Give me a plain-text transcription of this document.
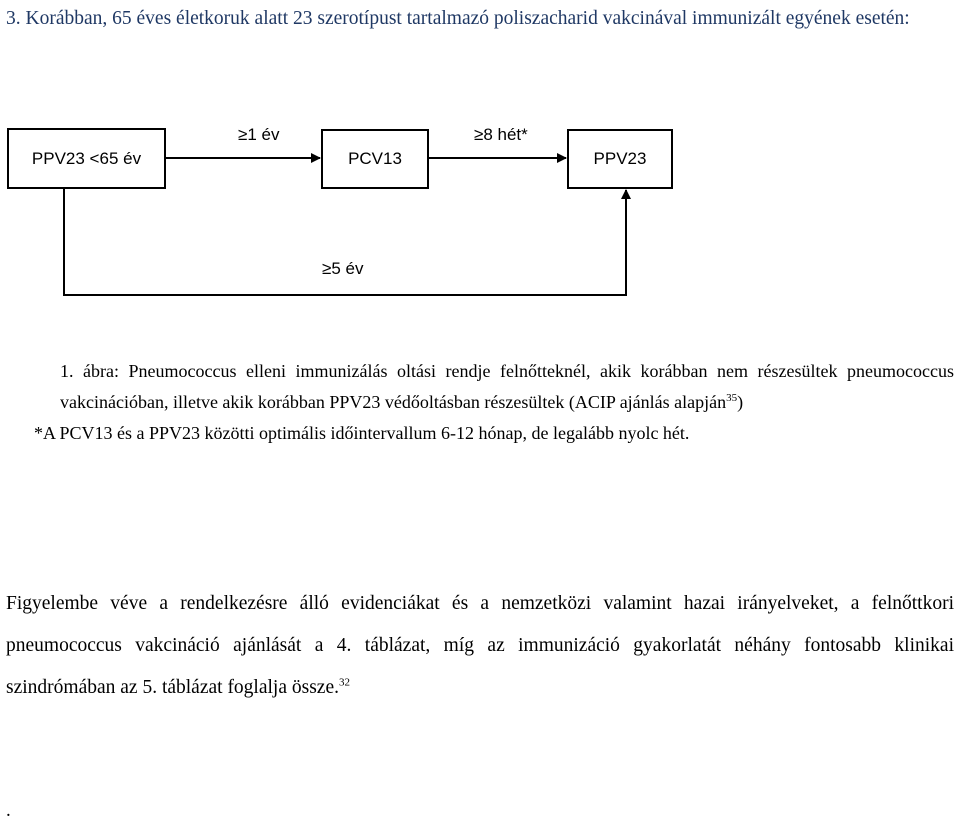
3. Korábban, 65 éves életkoruk alatt 23 szerotípust tartalmazó poliszacharid vakcinával immunizált egyének esetén:
PPV23 <65 év	PCV13	PPV23
≥1 év	≥8 hét*
≥5 év

1. ábra: Pneumococcus elleni immunizálás oltási rendje felnőtteknél, akik korábban nem részesültek pneumococcus vakcinációban, illetve akik korábban PPV23 védőoltásban részesültek (ACIP ajánlás alapján$^{35}$)

*A PCV13 és a PPV23 közötti optimális időintervallum 6-12 hónap, de legalább nyolc hét.

Figyelembe véve a rendelkezésre álló evidenciákat és a nemzetközi valamint hazai irányelveket, a felnőttkori pneumococcus vakcináció ajánlását a 4. táblázat, míg az immunizáció gyakorlatát néhány fontosabb klinikai szindrómában az 5. táblázat foglalja össze.$^{32}$

.
